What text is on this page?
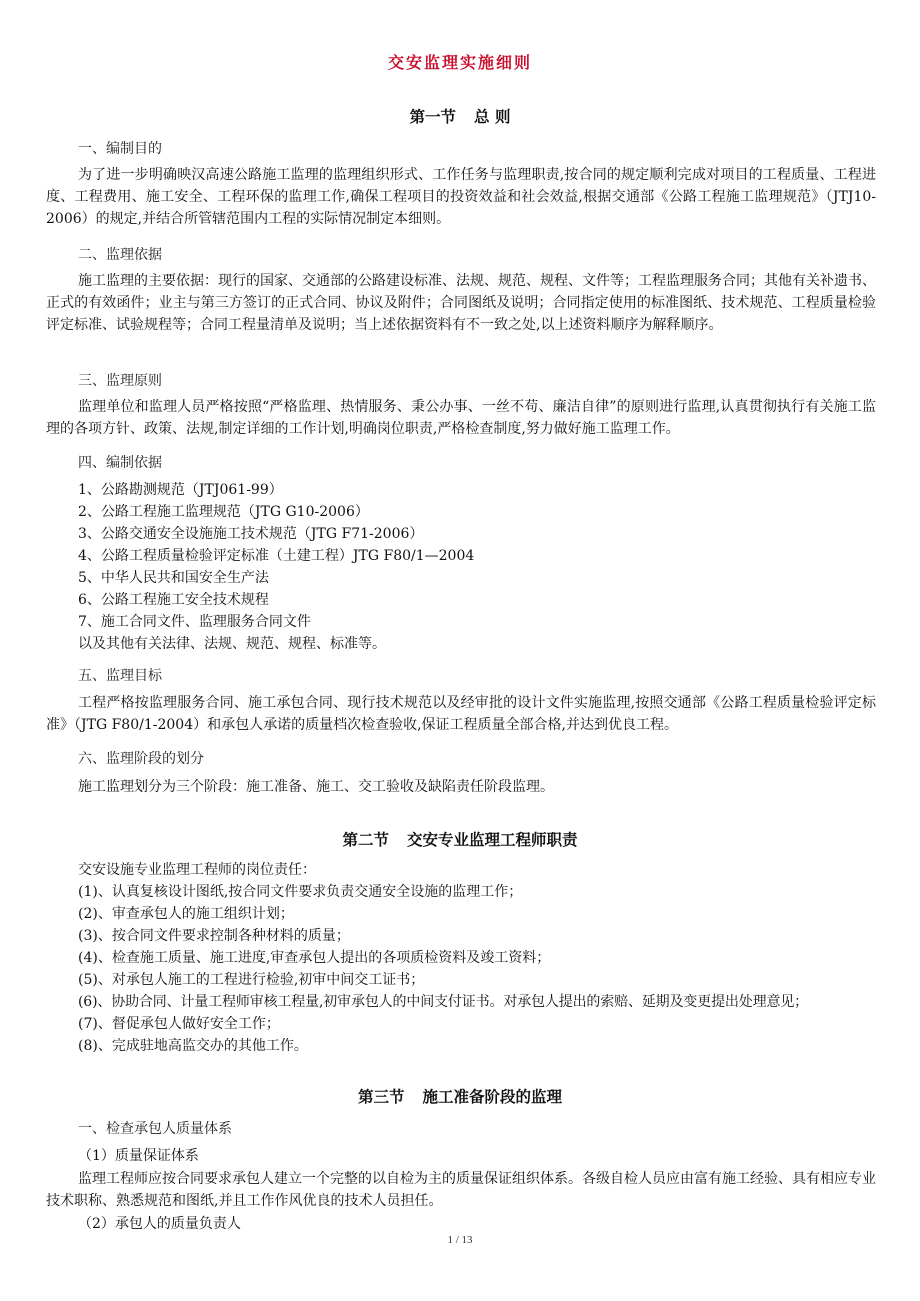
交安监理实施细则
第一节 总 则
一、编制目的

为了进一步明确映汉高速公路施工监理的监理组织形式、工作任务与监理职责,按合同的规定顺利完成对项目的工程质量、工程进度、工程费用、施工安全、工程环保的监理工作,确保工程项目的投资效益和社会效益,根据交通部《公路工程施工监理规范》（JTJ10-2006）的规定,并结合所管辖范围内工程的实际情况制定本细则。

二、监理依据

施工监理的主要依据：现行的国家、交通部的公路建设标准、法规、规范、规程、文件等；工程监理服务合同；其他有关补遗书、正式的有效函件；业主与第三方签订的正式合同、协议及附件；合同图纸及说明；合同指定使用的标准图纸、技术规范、工程质量检验评定标准、试验规程等；合同工程量清单及说明；当上述依据资料有不一致之处,以上述资料顺序为解释顺序。

三、监理原则

监理单位和监理人员严格按照“严格监理、热情服务、秉公办事、一丝不苟、廉洁自律”的原则进行监理,认真贯彻执行有关施工监理的各项方针、政策、法规,制定详细的工作计划,明确岗位职责,严格检查制度,努力做好施工监理工作。

四、编制依据
1、公路勘测规范（JTJ061-99）
2、公路工程施工监理规范（JTG G10-2006）
3、公路交通安全设施施工技术规范（JTG F71-2006）
4、公路工程质量检验评定标准（土建工程）JTG F80/1—2004
5、中华人民共和国安全生产法
6、公路工程施工安全技术规程
7、施工合同文件、监理服务合同文件
以及其他有关法律、法规、规范、规程、标准等。
五、监理目标

工程严格按监理服务合同、施工承包合同、现行技术规范以及经审批的设计文件实施监理,按照交通部《公路工程质量检验评定标准》（JTG F80/1-2004）和承包人承诺的质量档次检查验收,保证工程质量全部合格,并达到优良工程。

六、监理阶段的划分

施工监理划分为三个阶段：施工准备、施工、交工验收及缺陷责任阶段监理。

第二节 交安专业监理工程师职责
交安设施专业监理工程师的岗位责任：
(1)、认真复核设计图纸,按合同文件要求负责交通安全设施的监理工作；
(2)、审查承包人的施工组织计划；
(3)、按合同文件要求控制各种材料的质量；
(4)、检查施工质量、施工进度,审查承包人提出的各项质检资料及竣工资料；
(5)、对承包人施工的工程进行检验,初审中间交工证书；
(6)、协助合同、计量工程师审核工程量,初审承包人的中间支付证书。对承包人提出的索赔、延期及变更提出处理意见；
(7)、督促承包人做好安全工作；
(8)、完成驻地高监交办的其他工作。
第三节 施工准备阶段的监理
一、检查承包人质量体系
（1）质量保证体系

监理工程师应按合同要求承包人建立一个完整的以自检为主的质量保证组织体系。各级自检人员应由富有施工经验、具有相应专业技术职称、熟悉规范和图纸,并且工作作风优良的技术人员担任。

（2）承包人的质量负责人
1 / 13
